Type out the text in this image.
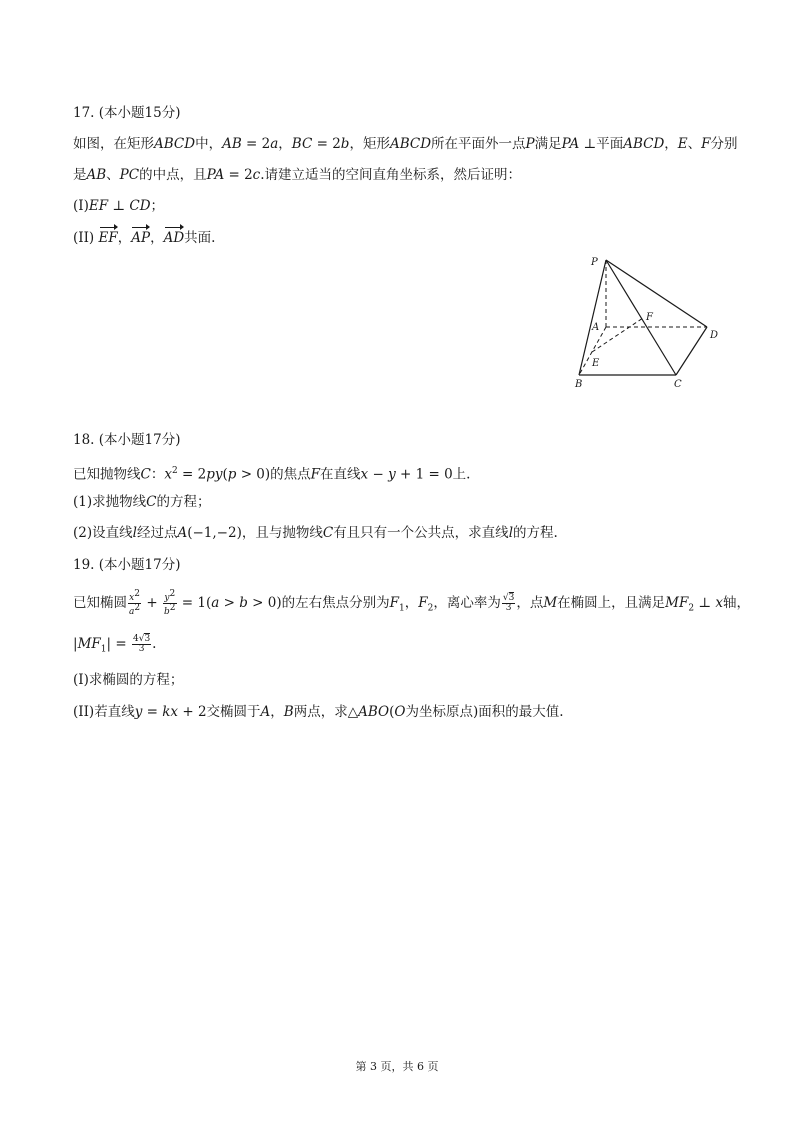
17. (本小题15分)
如图，在矩形ABCD中，AB = 2a，BC = 2b，矩形ABCD所在平面外一点P满足PA ⊥平面ABCD，E、F分别
是AB、PC的中点，且PA = 2c.请建立适当的空间直角坐标系，然后证明：
(I)EF ⊥ CD；
(II) EF，AP，AD共面.
P
A
B	C
D
E
F
18. (本小题17分)
已知抛物线C：$x^2 = 2py(p > 0)$的焦点F在直线x − y + 1 = 0上.
(1)求抛物线C的方程；
(2)设直线l经过点A(−1,−2)，且与抛物线C有且只有一个公共点，求直线l的方程.
19. (本小题17分)
已知椭圆 $\frac{x^2}{a^2} + \frac{y^2}{b^2} = 1(a > b > 0)$的左右焦点分别为$F_1$，$F_2$，离心率为 $\frac{√3}{3}$ ，点M在椭圆上，且满足$MF_2$ ⊥ x轴，
$|MF_1| = \frac{4√3}{3}$ .
(I)求椭圆的方程；
(II)若直线y = kx + 2交椭圆于A，B两点，求△ABO(O为坐标原点)面积的最大值.
第 3 页，共 6 页
